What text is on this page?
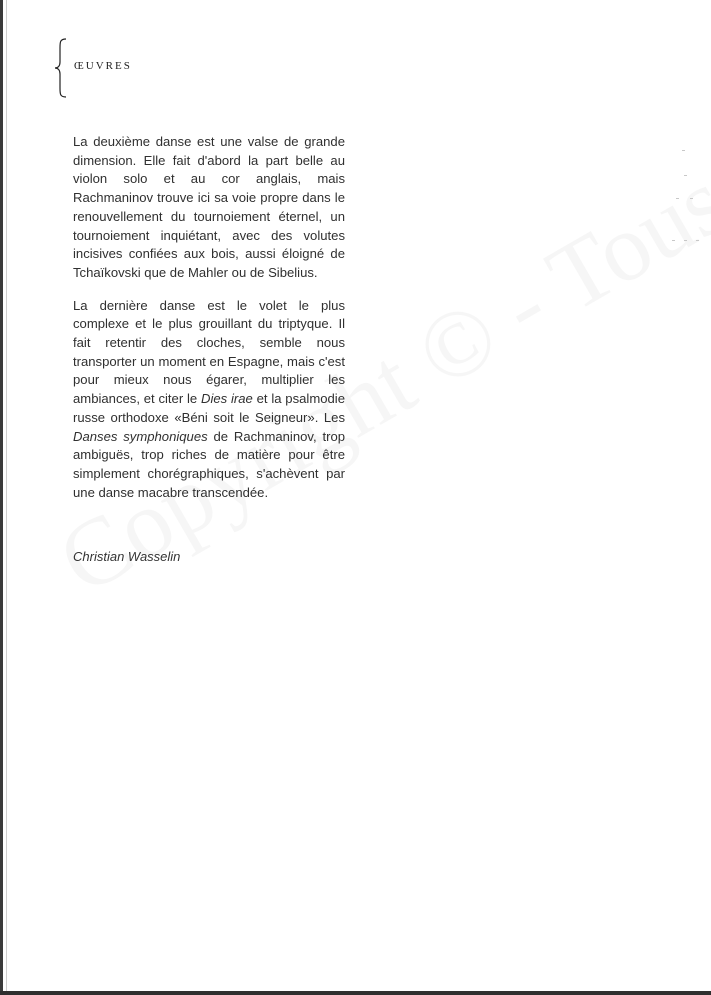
ŒUVRES

La deuxième danse est une valse de grande dimension. Elle fait d'abord la part belle au violon solo et au cor anglais, mais Rachmaninov trouve ici sa voie propre dans le renouvellement du tournoiement éternel, un tournoiement inquiétant, avec des volutes incisives confiées aux bois, aussi éloigné de Tchaïkovski que de Mahler ou de Sibelius.

La dernière danse est le volet le plus complexe et le plus grouillant du triptyque. Il fait retentir des cloches, semble nous transporter un moment en Espagne, mais c'est pour mieux nous égarer, multiplier les ambiances, et citer le Dies irae et la psalmodie russe orthodoxe «Béni soit le Seigneur». Les Danses symphoniques de Rachmaninov, trop ambiguës, trop riches de matière pour être simplement chorégraphiques, s'achèvent par une danse macabre transcendée.

Christian Wasselin
